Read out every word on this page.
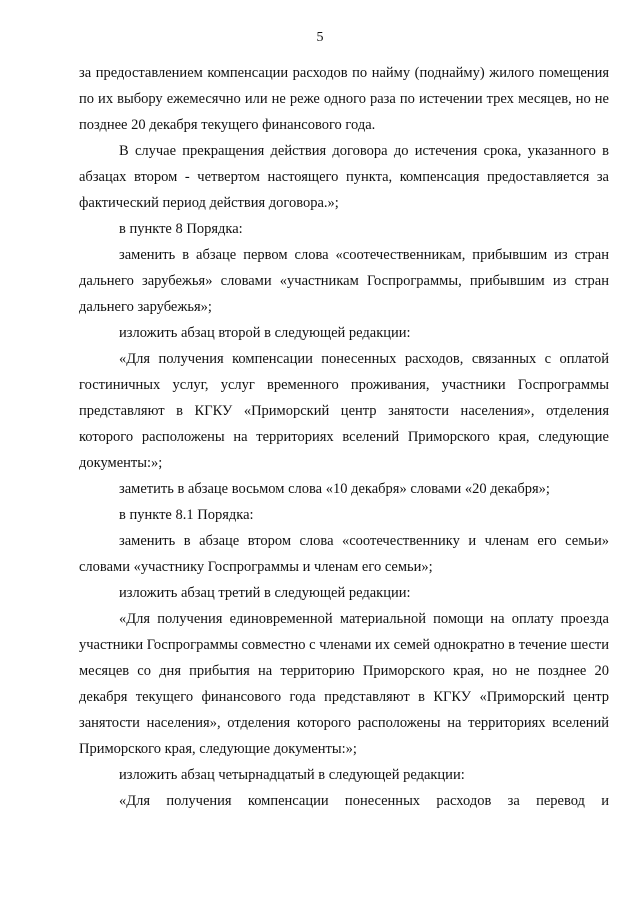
5

за предоставлением компенсации расходов по найму (поднайму) жилого помещения по их выбору ежемесячно или не реже одного раза по истечении трех месяцев, но не позднее 20 декабря текущего финансового года.

В случае прекращения действия договора до истечения срока, указанного в абзацах втором - четвертом настоящего пункта, компенсация предоставляется за фактический период действия договора.»;

в пункте 8 Порядка:

заменить в абзаце первом слова «соотечественникам, прибывшим из стран дальнего зарубежья» словами «участникам Госпрограммы, прибывшим из стран дальнего зарубежья»;

изложить абзац второй в следующей редакции:

«Для получения компенсации понесенных расходов, связанных с оплатой гостиничных услуг, услуг временного проживания, участники Госпрограммы представляют в КГКУ «Приморский центр занятости населения», отделения которого расположены на территориях вселений Приморского края, следующие документы:»;

заметить в абзаце восьмом слова «10 декабря» словами «20 декабря»;

в пункте 8.1 Порядка:

заменить в абзаце втором слова «соотечественнику и членам его семьи» словами «участнику Госпрограммы и членам его семьи»;

изложить абзац третий в следующей редакции:

«Для получения единовременной материальной помощи на оплату проезда участники Госпрограммы совместно с членами их семей однократно в течение шести месяцев со дня прибытия на территорию Приморского края, но не позднее 20 декабря текущего финансового года представляют в КГКУ «Приморский центр занятости населения», отделения которого расположены на территориях вселений Приморского края, следующие документы:»;

изложить абзац четырнадцатый в следующей редакции:

«Для получения компенсации понесенных расходов за перевод и
